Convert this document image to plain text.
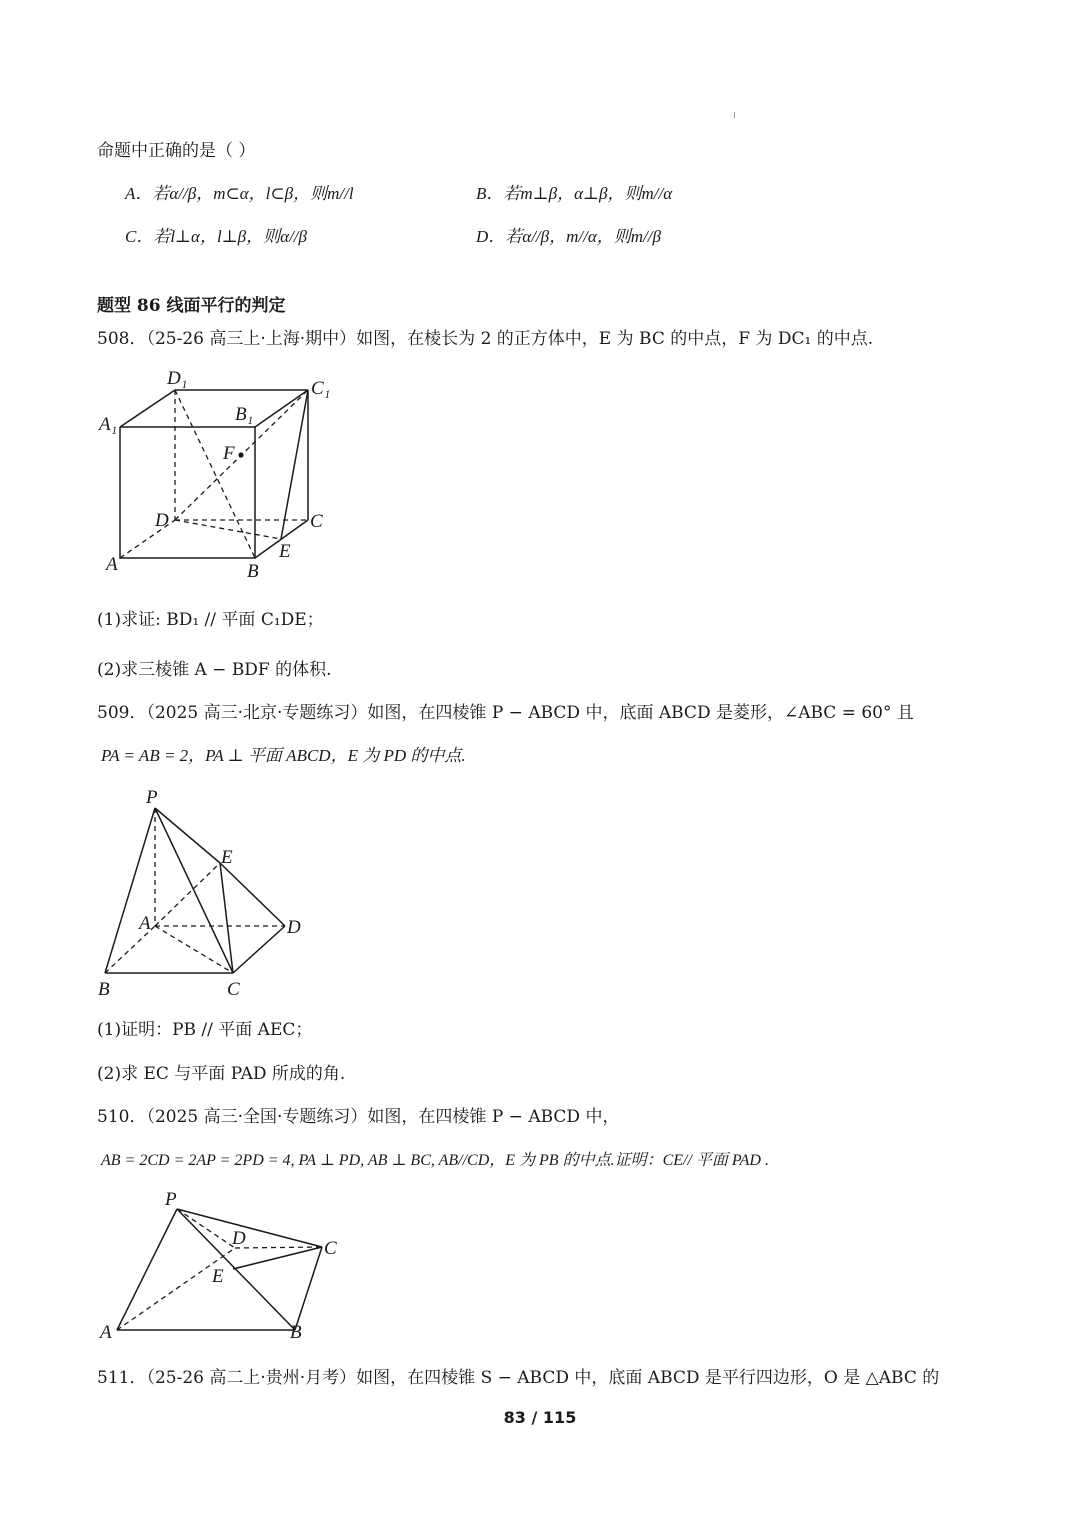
命题中正确的是（ ）
A．若α//β，m⊂α，l⊂β，则m//l	B．若m⊥β，α⊥β，则m//α
C．若l⊥α，l⊥β，则α//β	D．若α//β，m//α，则m//β
题型 86 线面平行的判定
508．（25-26 高三上·上海·期中）如图，在棱长为 2 的正方体中，E 为 BC 的中点，F 为 DC₁ 的中点.
D₁	C₁
A₁	B₁
F
D	C
A	B
E
(1)求证: BD₁ // 平面 C₁DE；
(2)求三棱锥 A − BDF 的体积.
509．（2025 高三·北京·专题练习）如图，在四棱锥 P − ABCD 中，底面 ABCD 是菱形，∠ABC = 60° 且
PA = AB = 2，PA ⊥ 平面 ABCD，E 为 PD 的中点.
P
E
A	D
B	C
(1)证明：PB // 平面 AEC；
(2)求 EC 与平面 PAD 所成的角.
510．（2025 高三·全国·专题练习）如图，在四棱锥 P − ABCD 中，
AB = 2CD = 2AP = 2PD = 4, PA ⊥ PD, AB ⊥ BC, AB//CD，E 为 PB 的中点.证明：CE// 平面 PAD .
P
D	C
E
A	B
511．（25-26 高二上·贵州·月考）如图，在四棱锥 S − ABCD 中，底面 ABCD 是平行四边形，O 是 △ABC 的
83 / 115
